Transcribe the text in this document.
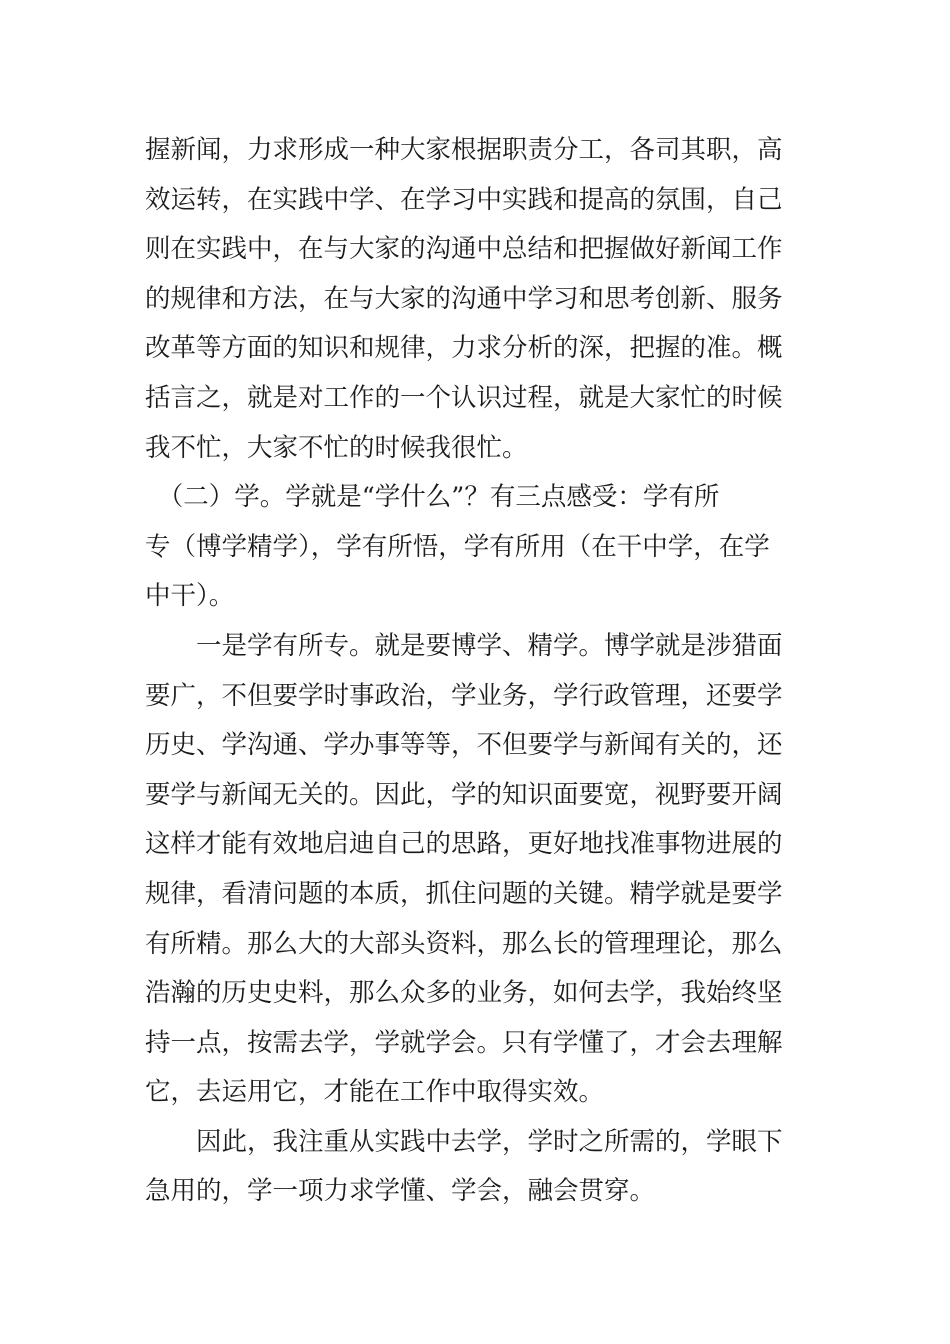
握新闻，力求形成一种大家根据职责分工，各司其职，高
效运转，在实践中学、在学习中实践和提高的氛围，自己
则在实践中，在与大家的沟通中总结和把握做好新闻工作
的规律和方法，在与大家的沟通中学习和思考创新、服务
改革等方面的知识和规律，力求分析的深，把握的准。概
括言之，就是对工作的一个认识过程，就是大家忙的时候
我不忙，大家不忙的时候我很忙。
　（二）学。学就是“学什么”？有三点感受：学有所
专（博学精学），学有所悟，学有所用（在干中学，在学
中干）。
　　一是学有所专。就是要博学、精学。博学就是涉猎面
要广，不但要学时事政治，学业务，学行政管理，还要学
历史、学沟通、学办事等等，不但要学与新闻有关的，还
要学与新闻无关的。因此，学的知识面要宽，视野要开阔
这样才能有效地启迪自己的思路，更好地找准事物进展的
规律，看清问题的本质，抓住问题的关键。精学就是要学
有所精。那么大的大部头资料，那么长的管理理论，那么
浩瀚的历史史料，那么众多的业务，如何去学，我始终坚
持一点，按需去学，学就学会。只有学懂了，才会去理解
它，去运用它，才能在工作中取得实效。
　　因此，我注重从实践中去学，学时之所需的，学眼下
急用的，学一项力求学懂、学会，融会贯穿。
